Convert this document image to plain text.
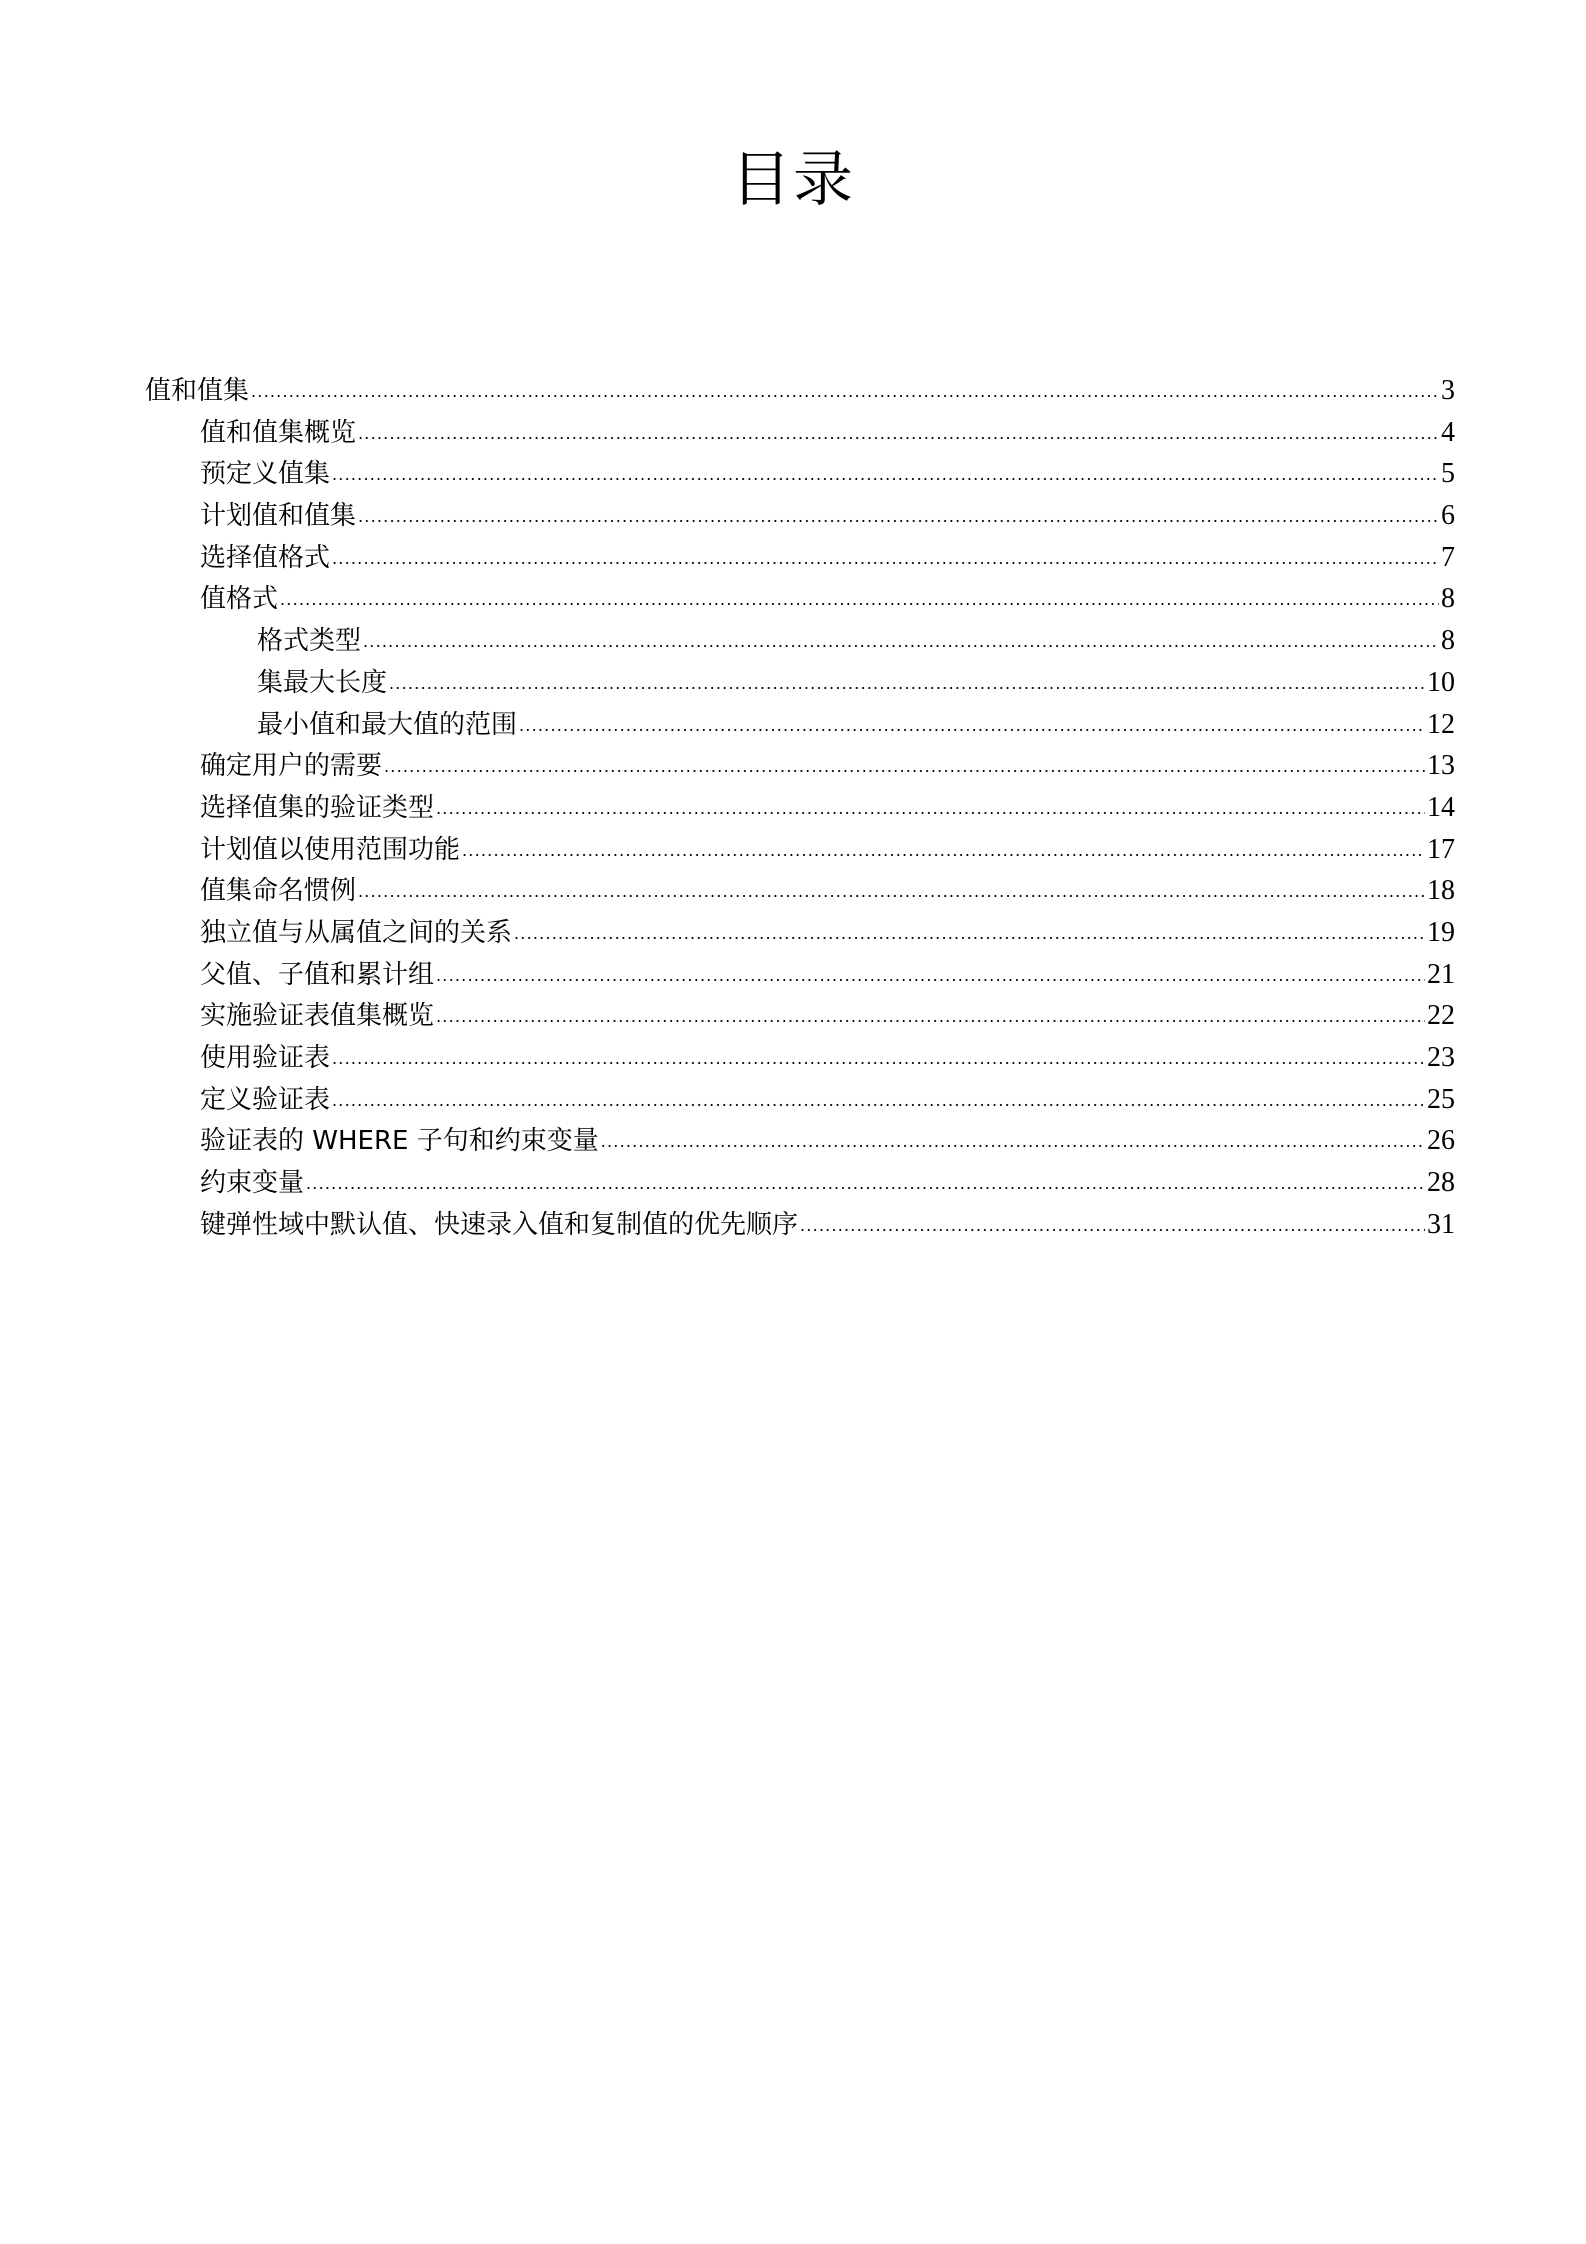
目录
值和值集 .....	3
值和值集概览 .....	4
预定义值集 .....	5
计划值和值集 .....	6
选择值格式 .....	7
值格式 .....	8
格式类型 .....	8
集最大长度 .....	10
最小值和最大值的范围 .....	12
确定用户的需要 .....	13
选择值集的验证类型 .....	14
计划值以使用范围功能 .....	17
值集命名惯例 .....	18
独立值与从属值之间的关系 .....	19
父值、子值和累计组 .....	21
实施验证表值集概览 .....	22
使用验证表 .....	23
定义验证表 .....	25
验证表的 WHERE 子句和约束变量 .....	26
约束变量 .....	28
键弹性域中默认值、快速录入值和复制值的优先顺序 .....	31
